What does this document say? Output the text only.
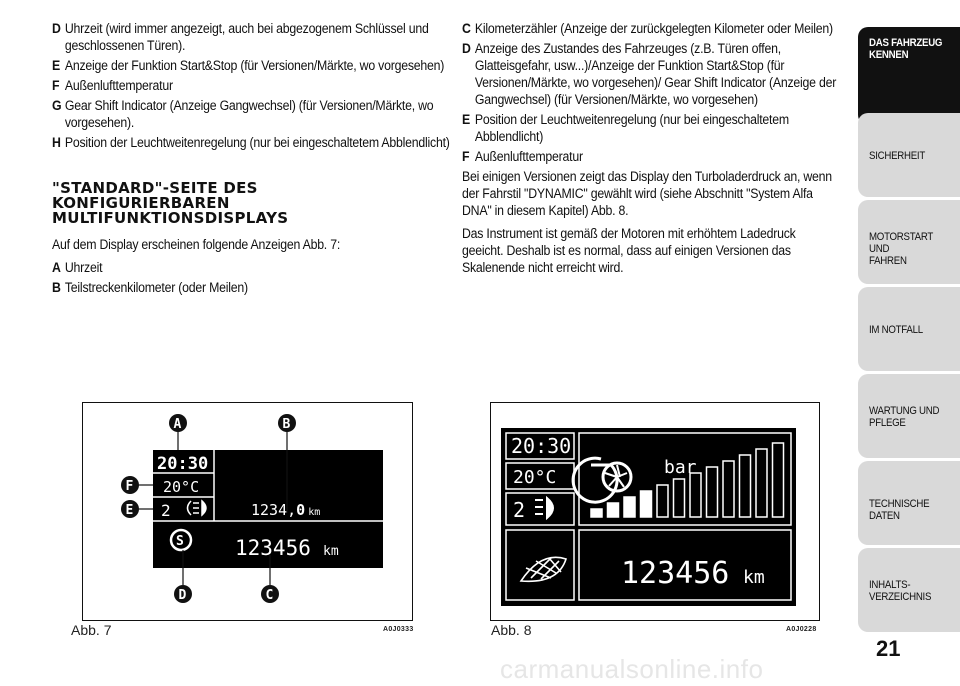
D Uhrzeit (wird immer angezeigt, auch bei abgezogenem Schlüssel und geschlossenen Türen).
E Anzeige der Funktion Start&Stop (für Versionen/Märkte, wo vorgesehen)
F Außenlufttemperatur
G Gear Shift Indicator (Anzeige Gangwechsel) (für Versionen/Märkte, wo vorgesehen).
H Position der Leuchtweitenregelung (nur bei eingeschaltetem Abblendlicht)
"STANDARD"-SEITE DES
KONFIGURIERBAREN
MULTIFUNKTIONSDISPLAYS
Auf dem Display erscheinen folgende Anzeigen Abb. 7:
A Uhrzeit
B Teilstreckenkilometer (oder Meilen)
C Kilometerzähler (Anzeige der zurückgelegten Kilometer oder Meilen)
D Anzeige des Zustandes des Fahrzeuges (z.B. Türen offen, Glatteisgefahr, usw...)/Anzeige der Funktion Start&Stop (für Versionen/Märkte, wo vorgesehen)/ Gear Shift Indicator (Anzeige der Gangwechsel) (für Versionen/Märkte, wo vorgesehen)
E Position der Leuchtweitenregelung (nur bei eingeschaltetem Abblendlicht)
F Außenlufttemperatur
Bei einigen Versionen zeigt das Display den Turboladerdruck an, wenn der Fahrstil "DYNAMIC" gewählt wird (siehe Abschnitt "System Alfa DNA" in diesem Kapitel) Abb. 8.
Das Instrument ist gemäß der Motoren mit erhöhtem Ladedruck geeicht. Deshalb ist es normal, dass auf einigen Versionen das Skalenende nicht erreicht wird.
20:30
20°C
2	1234,0 km
S 123456 km
A	B
C
D
E
F
Abb. 7	A0J0333
20:30
20°C
2
bar
123456 km
Abb. 8	A0J0228
DAS FAHRZEUG
KENNEN
SICHERHEIT
MOTORSTART UND
FAHREN
IM NOTFALL
WARTUNG UND
PFLEGE
TECHNISCHE DATEN
INHALTS-
VERZEICHNIS
21
carmanualsonline.info
